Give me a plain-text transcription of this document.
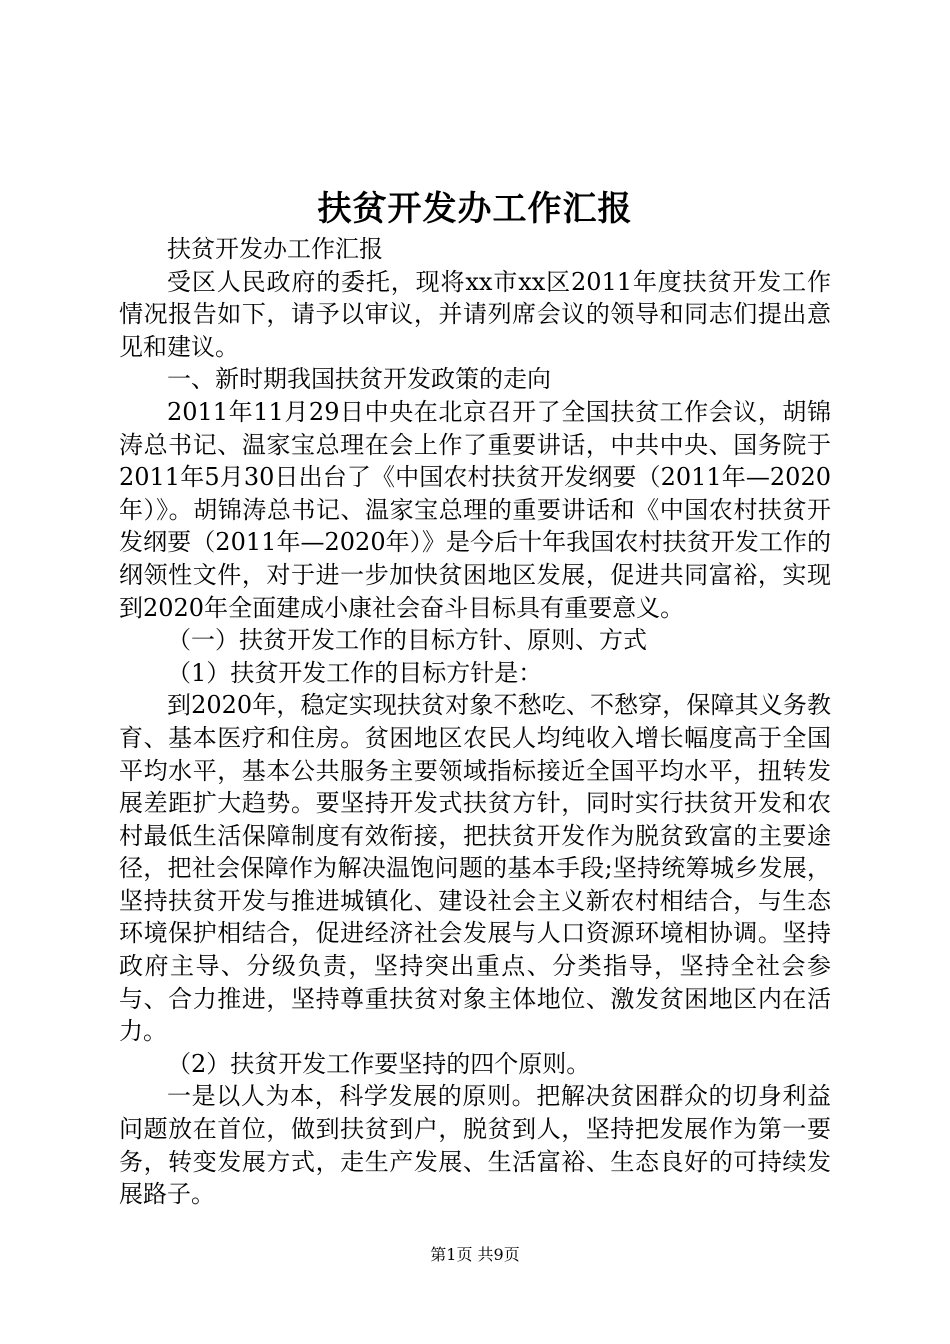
扶贫开发办工作汇报

扶贫开发办工作汇报

受区人民政府的委托，现将xx市xx区2011年度扶贫开发工作情况报告如下，请予以审议，并请列席会议的领导和同志们提出意见和建议。

一、新时期我国扶贫开发政策的走向

2011年11月29日中央在北京召开了全国扶贫工作会议，胡锦涛总书记、温家宝总理在会上作了重要讲话，中共中央、国务院于2011年5月30日出台了《中国农村扶贫开发纲要（2011年—2020年）》。胡锦涛总书记、温家宝总理的重要讲话和《中国农村扶贫开发纲要（2011年—2020年）》是今后十年我国农村扶贫开发工作的纲领性文件，对于进一步加快贫困地区发展，促进共同富裕，实现到2020年全面建成小康社会奋斗目标具有重要意义。

（一）扶贫开发工作的目标方针、原则、方式

（1）扶贫开发工作的目标方针是：

到2020年，稳定实现扶贫对象不愁吃、不愁穿，保障其义务教育、基本医疗和住房。贫困地区农民人均纯收入增长幅度高于全国平均水平，基本公共服务主要领域指标接近全国平均水平，扭转发展差距扩大趋势。要坚持开发式扶贫方针，同时实行扶贫开发和农村最低生活保障制度有效衔接，把扶贫开发作为脱贫致富的主要途径，把社会保障作为解决温饱问题的基本手段;坚持统筹城乡发展，坚持扶贫开发与推进城镇化、建设社会主义新农村相结合，与生态环境保护相结合，促进经济社会发展与人口资源环境相协调。坚持政府主导、分级负责，坚持突出重点、分类指导，坚持全社会参与、合力推进，坚持尊重扶贫对象主体地位、激发贫困地区内在活力。

（2）扶贫开发工作要坚持的四个原则。

一是以人为本，科学发展的原则。把解决贫困群众的切身利益问题放在首位，做到扶贫到户，脱贫到人，坚持把发展作为第一要务，转变发展方式，走生产发展、生活富裕、生态良好的可持续发展路子。

第1页 共9页
